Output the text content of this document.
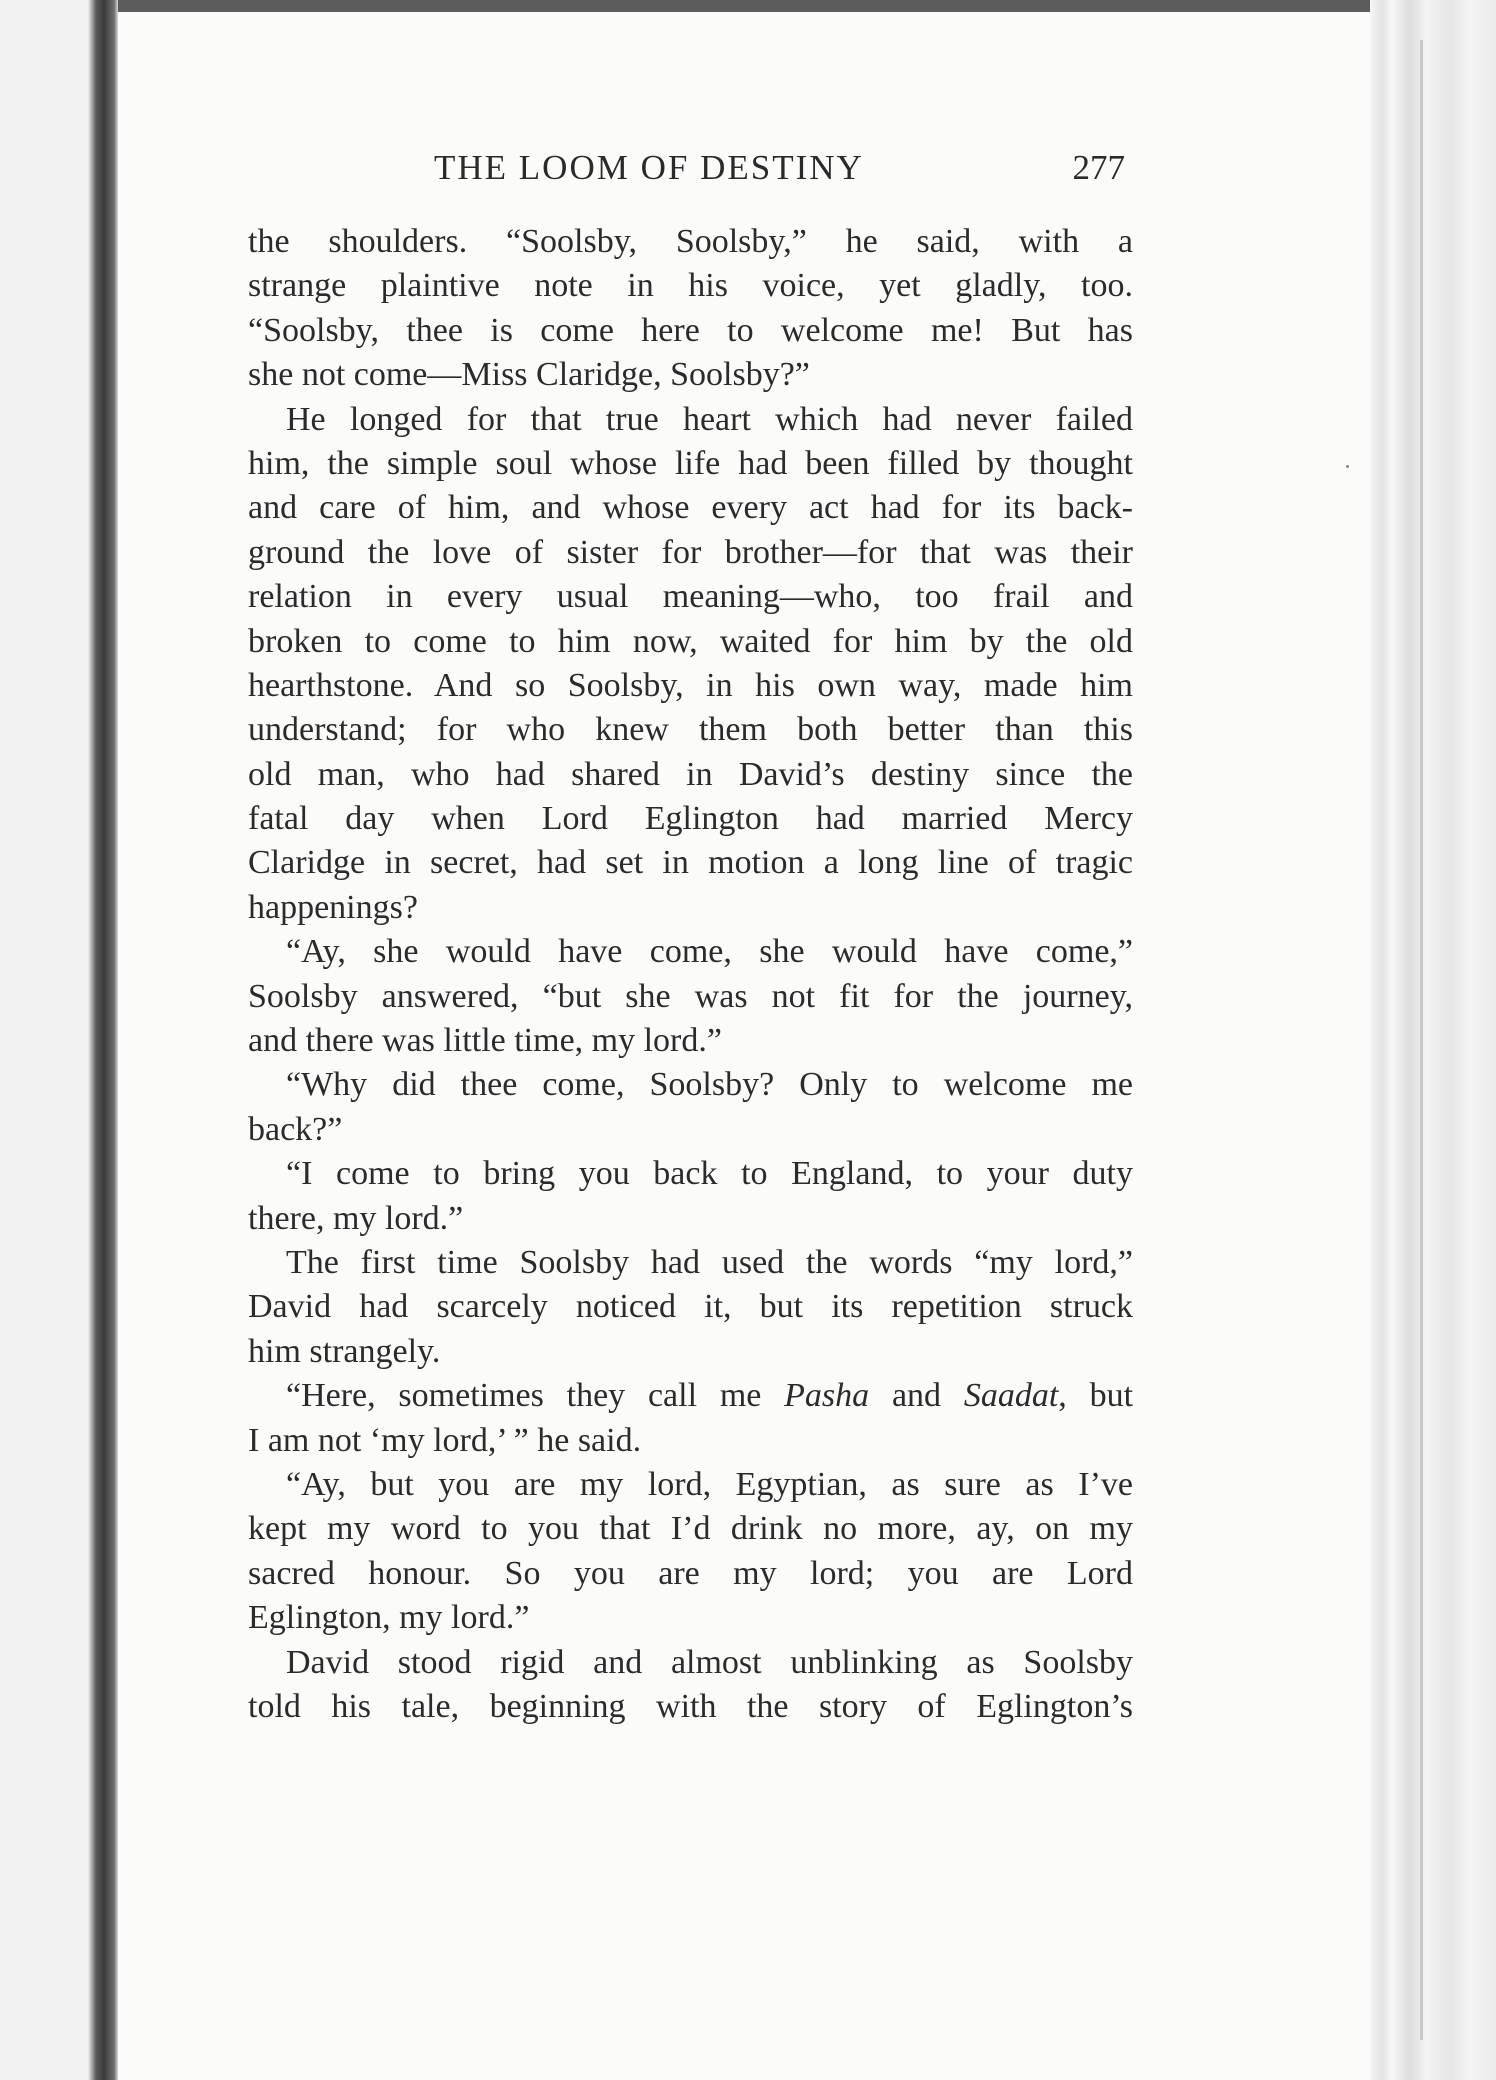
THE LOOM OF DESTINY	277
the shoulders. “Soolsby, Soolsby,” he said, with a
strange plaintive note in his voice, yet gladly, too.
“Soolsby, thee is come here to welcome me! But has
she not come—Miss Claridge, Soolsby?”
He longed for that true heart which had never failed
him, the simple soul whose life had been filled by thought
and care of him, and whose every act had for its back-
ground the love of sister for brother—for that was their
relation in every usual meaning—who, too frail and
broken to come to him now, waited for him by the old
hearthstone. And so Soolsby, in his own way, made him
understand; for who knew them both better than this
old man, who had shared in David’s destiny since the
fatal day when Lord Eglington had married Mercy
Claridge in secret, had set in motion a long line of tragic
happenings?
“Ay, she would have come, she would have come,”
Soolsby answered, “but she was not fit for the journey,
and there was little time, my lord.”
“Why did thee come, Soolsby? Only to welcome me
back?”
“I come to bring you back to England, to your duty
there, my lord.”
The first time Soolsby had used the words “my lord,”
David had scarcely noticed it, but its repetition struck
him strangely.
“Here, sometimes they call me Pasha and Saadat, but
I am not ‘my lord,’ ” he said.
“Ay, but you are my lord, Egyptian, as sure as I’ve
kept my word to you that I’d drink no more, ay, on my
sacred honour. So you are my lord; you are Lord
Eglington, my lord.”
David stood rigid and almost unblinking as Soolsby
told his tale, beginning with the story of Eglington’s
